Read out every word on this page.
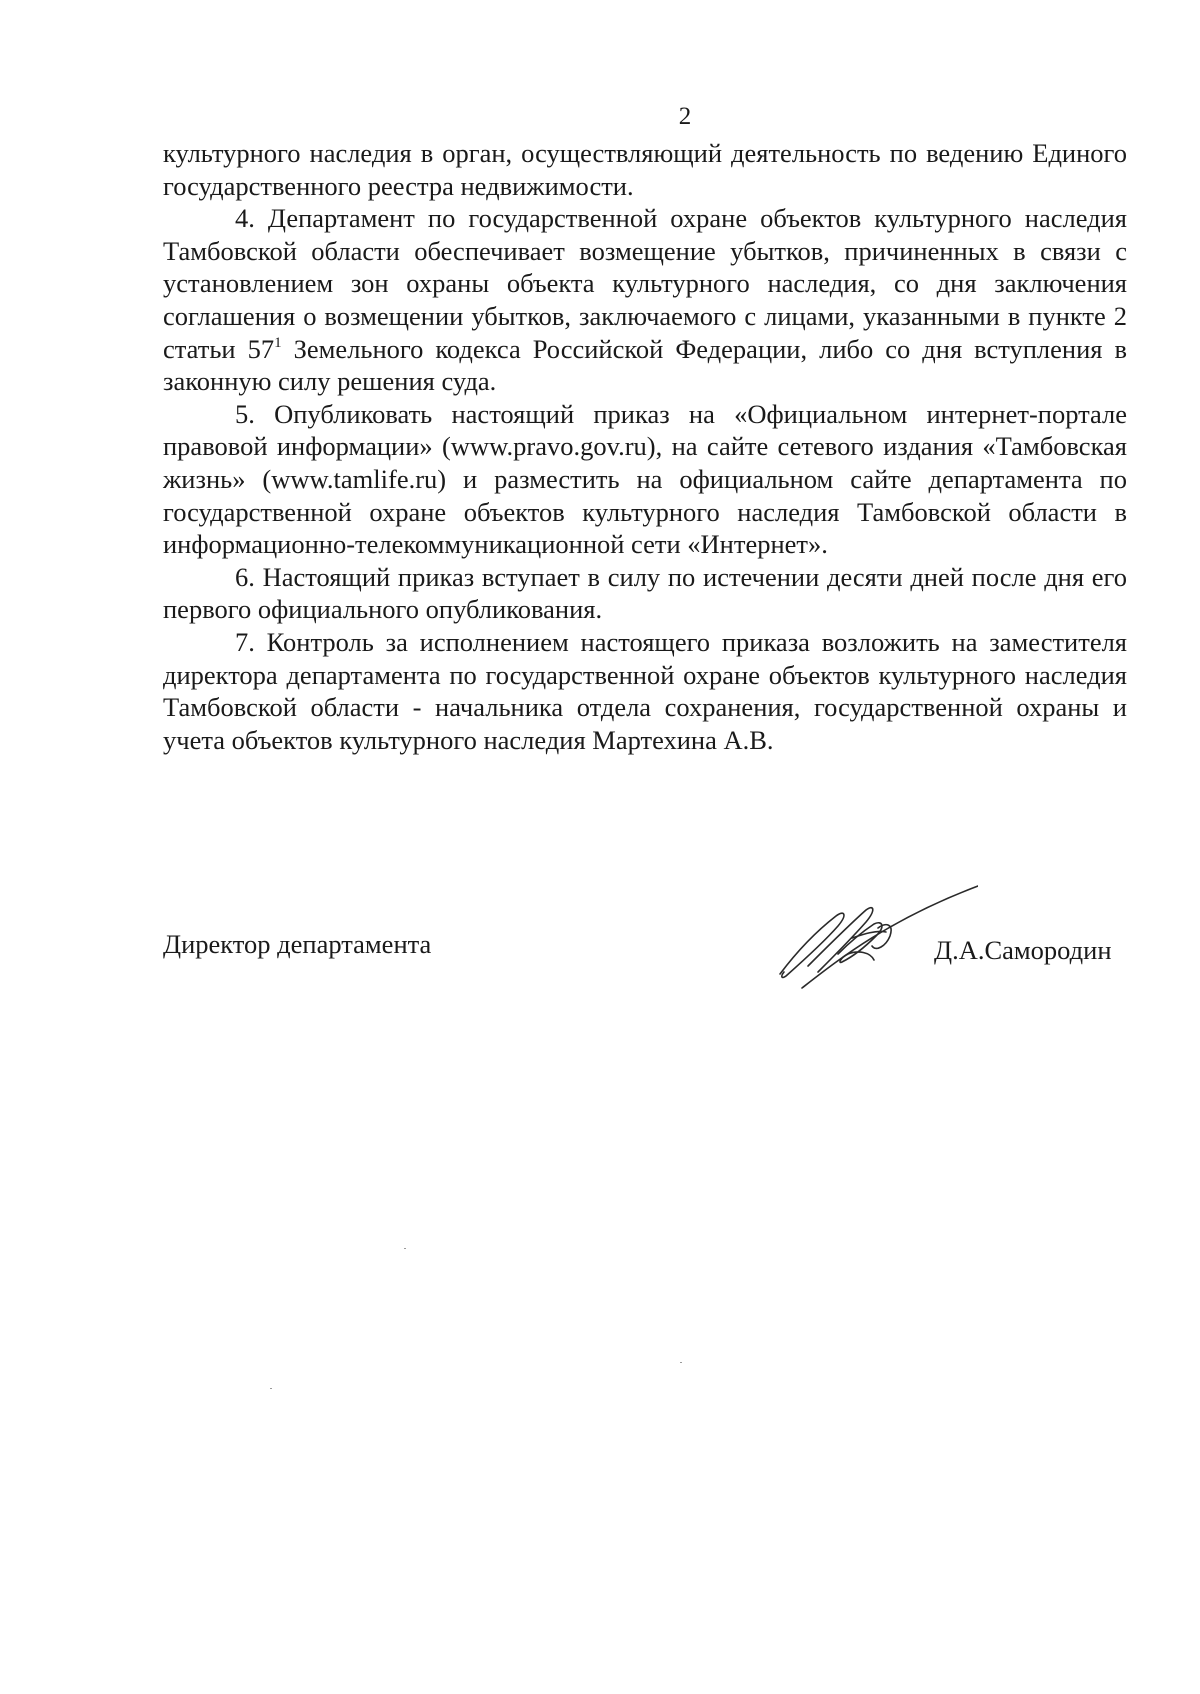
2

культурного наследия в орган, осуществляющий деятельность по ведению Единого государственного реестра недвижимости.

4. Департамент по государственной охране объектов культурного наследия Тамбовской области обеспечивает возмещение убытков, причиненных в связи с установлением зон охраны объекта культурного наследия, со дня заключения соглашения о возмещении убытков, заключаемого с лицами, указанными в пункте 2 статьи $57^1$ Земельного кодекса Российской Федерации, либо со дня вступления в законную силу решения суда.

5. Опубликовать настоящий приказ на «Официальном интернет-портале правовой информации» (www.pravo.gov.ru), на сайте сетевого издания «Тамбовская жизнь» (www.tamlife.ru) и разместить на официальном сайте департамента по государственной охране объектов культурного наследия Тамбовской области в информационно-телекоммуникационной сети «Интернет».

6. Настоящий приказ вступает в силу по истечении десяти дней после дня его первого официального опубликования.

7. Контроль за исполнением настоящего приказа возложить на заместителя директора департамента по государственной охране объектов культурного наследия Тамбовской области - начальника отдела сохранения, государственной охраны и учета объектов культурного наследия Мартехина А.В.

Директор департамента	Д.А.Самородин
